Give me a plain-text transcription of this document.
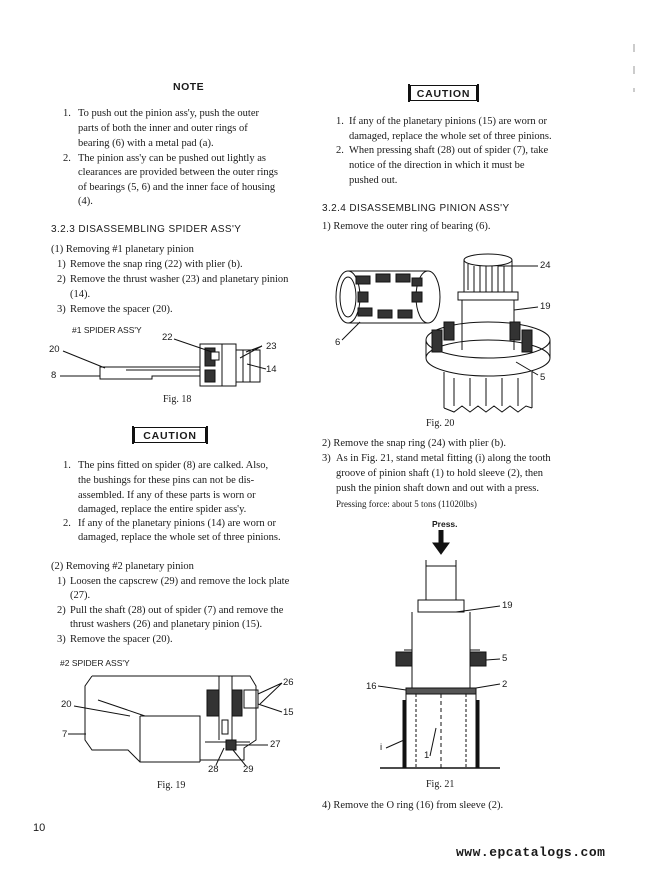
NOTE
1. To push out the pinion ass'y, push the outer
parts of both the inner and outer rings of
bearing (6) with a metal pad (a).
2. The pinion ass'y can be pushed out lightly as
clearances are provided between the outer rings
of bearings (5, 6) and the inner face of housing
(4).
3.2.3 DISASSEMBLING SPIDER ASS'Y
(1) Removing #1 planetary pinion
1) Remove the snap ring (22) with plier (b).
2) Remove the thrust washer (23) and planetary pinion
(14).
3) Remove the spacer (20).
#1 SPIDER ASS'Y
22
20
8
23
14
Fig. 18
CAUTION
1. The pins fitted on spider (8) are calked. Also,
the bushings for these pins can not be dis-
assembled. If any of these parts is worn or
damaged, replace the entire spider ass'y.
2. If any of the planetary pinions (14) are worn or
damaged, replace the whole set of three pinions.
(2) Removing #2 planetary pinion
1) Loosen the capscrew (29) and remove the lock plate
(27).
2) Pull the shaft (28) out of spider (7) and remove the
thrust washers (26) and planetary pinion (15).
3) Remove the spacer (20).
#2 SPIDER ASS'Y
20
7
26
15
27
28	29
Fig. 19
CAUTION
1. If any of the planetary pinions (15) are worn or
damaged, replace the whole set of three pinions.
2. When pressing shaft (28) out of spider (7), take
notice of the direction in which it must be
pushed out.
3.2.4 DISASSEMBLING PINION ASS'Y
1) Remove the outer ring of bearing (6).
24
19
6
5
Fig. 20
2) Remove the snap ring (24) with plier (b).
3) As in Fig. 21, stand metal fitting (i) along the tooth
groove of pinion shaft (1) to hold sleeve (2), then
push the pinion shaft down and out with a press.
Pressing force: about 5 tons (11020lbs)
Press.
19
5
16	2
i
1
Fig. 21
4) Remove the O ring (16) from sleeve (2).
10
www.epcatalogs.com
